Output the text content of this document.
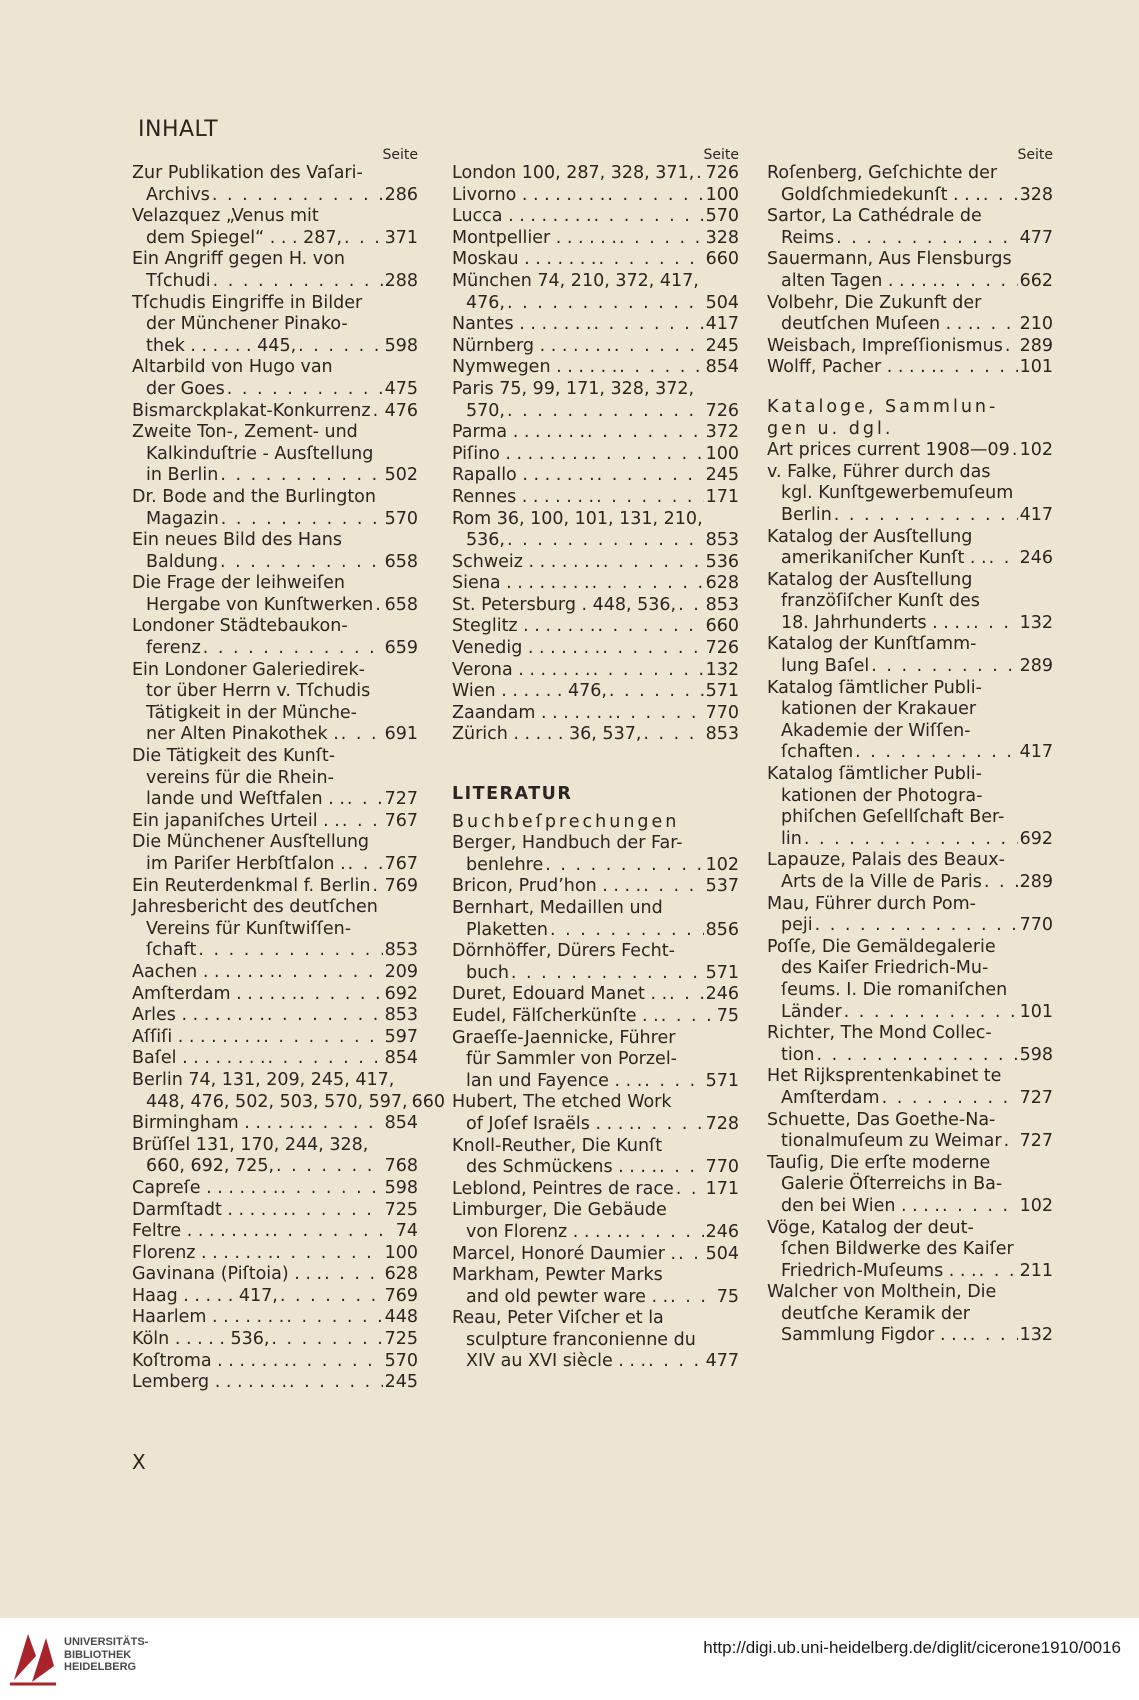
INHALT
Seite
Zur Publikation des Vaſari-
Archivs . . .	286
Velazquez „Venus mit
dem Spiegel“ . . . 287, . . . 371
Ein Angriff gegen H. von
Tſchudi . . .	288
Tſchudis Eingriffe in Bilder
der Münchener Pinako-
thek . . . . . . 445, . . .	598
Altarbild von Hugo van
der Goes . . .	475
Bismarckplakat-Konkurrenz . . . 476
Zweite Ton-, Zement- und
Kalkinduſtrie - Ausſtellung
in Berlin . . .	502
Dr. Bode and the Burlington
Magazin . . .	570
Ein neues Bild des Hans
Baldung . . .	658
Die Frage der leihweiſen
Hergabe von Kunſtwerken . . . 658
Londoner Städtebaukon-
ferenz . . .	659
Ein Londoner Galeriedirek-
tor über Herrn v. Tſchudis
Tätigkeit in der Münche-
ner Alten Pinakothek . . . .	691
Die Tätigkeit des Kunſt-
vereins für die Rhein-
lande und Weſtfalen . . . . . 727
Ein japaniſches Urteil . . . . .	767
Die Münchener Ausſtellung
im Pariſer Herbſtſalon . . . . 767
Ein Reuterdenkmal f. Berlin . . . 769
Jahresbericht des deutſchen
Vereins für Kunſtwiſſen-
ſchaft . . .	853
Aachen . . . . . . . . . .	209
Amſterdam . . . . . . . . .	692
Arles . . . . . . . . . . .	853
Aſſiſi . . . . . . . . . . .	597
Baſel . . . . . . . . . . .	854
Berlin 74, 131, 209, 245, 417,
448, 476, 502, 503, 570, 597, 660
Birmingham . . . . . . . . .	854
Brüſſel 131, 170, 244, 328,
660, 692, 725, . . .	768
Capreſe . . . . . . . . . .	598
Darmſtadt . . . . . . . . .	725
Feltre . . . . . . . . . . .	74
Florenz . . . . . . . . . .	100
Gavinana (Piſtoia) . . . . . .	628
Haag . . . . . 417, . . .	769
Haarlem . . . . . . . . . .	448
Köln . . . . . 536, . . .	725
Koſtroma . . . . . . . . . .	570
Lemberg . . . . . . . . . .	245
Seite
London 100, 287, 328, 371, . . . 726
Livorno . . . . . . . . . . .	100
Lucca . . . . . . . . . . .	570
Montpellier . . . . . . . . .	328
Moskau . . . . . . . . . .	660
München 74, 210, 372, 417,
476, . . .	504
Nantes . . . . . . . . . .	417
Nürnberg . . . . . . . . . .	245
Nymwegen . . . . . . . . .	854
Paris 75, 99, 171, 328, 372,
570, . . .	726
Parma . . . . . . . . . .	372
Piſino . . . . . . . . . . .	100
Rapallo . . . . . . . . . .	245
Rennes . . . . . . . . . .	171
Rom 36, 100, 101, 131, 210,
536, . . .	853
Schweiz . . . . . . . . . .	536
Siena . . . . . . . . . . .	628
St. Petersburg . 448, 536, . . . 853
Steglitz . . . . . . . . . .	660
Venedig . . . . . . . . . .	726
Verona . . . . . . . . . .	132
Wien . . . . . . 476, . . .	571
Zaandam . . . . . . . . . .	770
Zürich . . . . . 36, 537, . . .	853
LITERATUR
Buchbeſprechungen
Berger, Handbuch der Far-
benlehre . . .	102
Bricon, Prud’hon . . . . . . .	537
Bernhart, Medaillen und
Plaketten . . .	856
Dörnhöffer, Dürers Fecht-
buch . . .	571
Duret, Edouard Manet . . . . . 246
Eudel, Fälſcherkünſte . . . . .	75
Graeſſe-Jaennicke, Führer
für Sammler von Porzel-
lan und Fayence . . . . . .	571
Hubert, The etched Work
of Joſef Israëls . . . . . . .	728
Knoll-Reuther, Die Kunſt
des Schmückens . . . . . . .	770
Leblond, Peintres de race . . . 171
Limburger, Die Gebäude
von Florenz . . . . . . . .	246
Marcel, Honoré Daumier . . . . 504
Markham, Pewter Marks
and old pewter ware . . . . .	75
Reau, Peter Viſcher et la
sculpture franconienne du
XIV au XVI siècle . . . . . .	477
Seite
Roſenberg, Geſchichte der
Goldſchmiedekunſt . . . . . . 328
Sartor, La Cathédrale de
Reims . . .	477
Sauermann, Aus Flensburgs
alten Tagen . . . . . . . .	662
Volbehr, Die Zukunft der
deutſchen Muſeen . . . . . .	210
Weisbach, Impreſſionismus . . . 289
Wolff, Pacher . . . . . . . .	101
Kataloge, Sammlun-
gen u. dgl.
Art prices current 1908—09 . . . 102
v. Falke, Führer durch das
kgl. Kunſtgewerbemuſeum
Berlin . . .	417
Katalog der Ausſtellung
amerikaniſcher Kunſt . . . . . 246
Katalog der Ausſtellung
franzöſiſcher Kunſt des
18. Jahrhunderts . . . . . . .	132
Katalog der Kunſtſamm-
lung Baſel . . .	289
Katalog ſämtlicher Publi-
kationen der Krakauer
Akademie der Wiſſen-
ſchaften . . .	417
Katalog ſämtlicher Publi-
kationen der Photogra-
phiſchen Geſellſchaft Ber-
lin . . .	692
Lapauze, Palais des Beaux-
Arts de la Ville de Paris . . . 289
Mau, Führer durch Pom-
peji . . .	770
Poſſe, Die Gemäldegalerie
des Kaiſer Friedrich-Mu-
ſeums. I. Die romaniſchen
Länder . . .	101
Richter, The Mond Collec-
tion . . .	598
Het Rijksprentenkabinet te
Amſterdam . . .	727
Schuette, Das Goethe-Na-
tionalmuſeum zu Weimar . . . 727
Tauſig, Die erſte moderne
Galerie Öſterreichs in Ba-
den bei Wien . . . . . . .	102
Vöge, Katalog der deut-
ſchen Bildwerke des Kaiſer
Friedrich-Muſeums . . . . . . 211
Walcher von Molthein, Die
deutſche Keramik der
Sammlung Figdor . . . . . .	132
X
UNIVERSITÄTS-
BIBLIOTHEK
HEIDELBERG
http://digi.ub.uni-heidelberg.de/diglit/cicerone1910/0016
